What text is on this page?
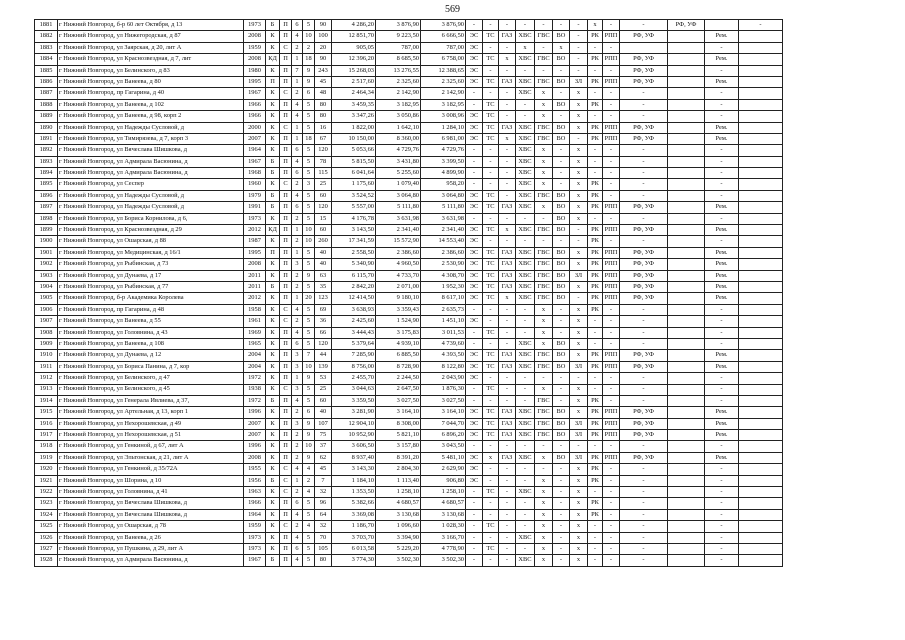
569
1881	г Нижний Новгород, б-р 60 лет Октября, д 13	1973	Б	П	6	5	90	4 286,20	3 876,90	3 876,90	-	-	-	-	-	-	-	х	-	-	РФ, УФ		-
1882	г Нижний Новгород, ул Нижегородская, д 87	2008	К	П	4	10	100	12 851,70	9 223,50	6 666,50	ЭС	ТС	ГАЗ	ХВС	ГВС	ВО	-	РК	РПП	РФ, УФ		Рем.	
1883	г Нижний Новгород, ул Заярская, д 20, лит А	1959	К	С	2	2	20	905,05	787,00	787,00	ЭС	-	-	х	-	х	-	-	-			-	
1884	г Нижний Новгород, ул Краснозвездная, д 7, лит	2008	КД	П	1	18	90	12 396,20	8 685,50	6 758,00	ЭС	ТС	х	ХВС	ГВС	ВО	-	РК	РПП	РФ, УФ		Рем.	
1885	г Нижний Новгород, ул Белинского, д 83	1980	К	П	7	9	243	15 268,03	13 276,55	12 388,65	ЭС	-	-	-	-	-	-	-	-	РФ, УФ		-	
1886	г Нижний Новгород, ул Ванеева, д 80	1995	П	П	1	9	45	2 517,60	2 325,60	2 325,60	ЭС	ТС	ГАЗ	ХВС	ГВС	ВО	ЗЛ	РК	РПП	РФ, УФ		Рем.	
1887	г Нижний Новгород, пр Гагарина, д 40	1967	К	С	2	6	48	2 464,34	2 142,90	2 142,90	-	-	-	ХВС	х	-	х	-	-	-		-	
1888	г Нижний Новгород, ул Ванеева, д 102	1966	К	П	4	5	80	3 459,35	3 182,95	3 182,95	-	ТС	-	-	х	ВО	х	РК	-	-		-	
1889	г Нижний Новгород, ул Ванеева, д 98, корп 2	1966	К	П	4	5	80	3 347,26	3 050,86	3 008,96	ЭС	ТС	-	-	х	-	х	-	-	-		-	
1890	г Нижний Новгород, ул Надежды Сусловой, д	2000	К	С	1	5	16	1 822,00	1 642,10	1 284,10	ЭС	ТС	ГАЗ	ХВС	ГВС	ВО	х	РК	РПП	РФ, УФ		Рем.	
1891	г Нижний Новгород, ул Тимирязева, д 7, корп 3	2007	К	П	1	18	67	10 150,00	8 360,00	6 981,00	ЭС	ТС	х	ХВС	ГВС	ВО	-	РК	РПП	РФ, УФ		Рем.	
1892	г Нижний Новгород, ул Вячеслава Шишкова, д	1964	К	П	6	5	120	5 053,66	4 729,76	4 729,76	-	-	-	ХВС	х	-	х	-	-	-		-	
1893	г Нижний Новгород, ул Адмирала Васюнина, д	1967	Б	П	4	5	78	5 815,50	3 431,80	3 399,50	-	-	-	ХВС	х	-	х	-	-	-		-	
1894	г Нижний Новгород, ул Адмирала Васюнина, д	1968	Б	П	6	5	115	6 041,64	5 255,60	4 899,90	-	-	-	ХВС	х	-	х	-	-	-		-	
1895	г Нижний Новгород, ул Сеспер	1960	К	С	2	3	25	1 175,60	1 079,40	958,20	-	-	-	ХВС	х	-	х	РК	-	-		-	
1896	г Нижний Новгород, ул Надежды Сусловой, д	1979	Б	П	4	5	60	3 524,52	3 064,80	3 064,80	ЭС	ТС	-	ХВС	ГВС	ВО	х	РК	-	-		-	
1897	г Нижний Новгород, ул Надежды Сусловой, д	1991	Б	П	6	5	120	5 557,00	5 111,80	5 111,80	ЭС	ТС	ГАЗ	ХВС	х	ВО	х	РК	РПП	РФ, УФ		Рем.	
1898	г Нижний Новгород, ул Бориса Корнилова, д 6,	1973	К	П	2	5	15	4 176,78	3 631,98	3 631,98	-	-	-	-	-	ВО	х	-	-	-		-	
1899	г Нижний Новгород, ул Краснозвездная, д 29	2012	КД	П	1	10	60	3 143,50	2 341,40	2 341,40	ЭС	ТС	х	ХВС	ГВС	ВО	-	РК	РПП	РФ, УФ		Рем.	
1900	г Нижний Новгород, ул Ошарская, д 88	1987	К	П	2	10	260	17 341,59	15 572,90	14 553,40	ЭС	-	-	-	-	-	-	РК	-	-		-	
1901	г Нижний Новгород, ул Медицинская, д 16/1	1995	П	П	1	5	40	2 558,50	2 386,60	2 386,60	ЭС	ТС	ГАЗ	ХВС	ГВС	ВО	х	РК	РПП	РФ, УФ		Рем.	
1902	г Нижний Новгород, ул Рыбинская, д 73	2008	К	П	3	5	40	5 340,90	4 960,50	2 530,90	ЭС	ТС	ГАЗ	ХВС	ГВС	ВО	х	РК	РПП	РФ, УФ		Рем.	
1903	г Нижний Новгород, ул Дунаева, д 17	2011	К	П	2	9	63	6 115,70	4 733,70	4 308,70	ЭС	ТС	ГАЗ	ХВС	ГВС	ВО	ЗЛ	РК	РПП	РФ, УФ		Рем.	
1904	г Нижний Новгород, ул Рыбинская, д 77	2011	Б	П	2	5	35	2 842,20	2 071,00	1 952,30	ЭС	ТС	ГАЗ	ХВС	ГВС	ВО	х	РК	РПП	РФ, УФ		Рем.	
1905	г Нижний Новгород, б-р Академика Королева	2012	К	П	1	20	123	12 414,50	9 180,10	8 617,10	ЭС	ТС	х	ХВС	ГВС	ВО	-	РК	РПП	РФ, УФ		Рем.	
1906	г Нижний Новгород, пр Гагарина, д 48	1958	К	С	4	5	69	3 638,93	3 359,43	2 635,73	-	-	-	-	х	-	х	РК	-	-		-	
1907	г Нижний Новгород, ул Ванеева, д 55	1961	К	С	2	5	36	2 425,60	1 524,90	1 451,10	ЭС	-	-	-	х	-	х	-	-	-		-	
1908	г Нижний Новгород, ул Головнина, д 43	1969	К	П	4	5	66	3 444,43	3 175,83	3 011,53	-	ТС	-	-	х	-	х	-	-	-		-	
1909	г Нижний Новгород, ул Ванеева, д 108	1965	К	П	6	5	120	5 379,64	4 939,10	4 739,60	-	-	-	ХВС	х	ВО	х	-	-	-		-	
1910	г Нижний Новгород, ул Дунаева, д 12	2004	К	П	3	7	44	7 285,90	6 885,50	4 393,50	ЭС	ТС	ГАЗ	ХВС	ГВС	ВО	х	РК	РПП	РФ, УФ		Рем.	
1911	г Нижний Новгород, ул Бориса Панина, д 7, кор	2004	К	П	3	10	139	8 756,00	8 728,90	8 122,80	ЭС	ТС	ГАЗ	ХВС	ГВС	ВО	ЗЛ	РК	РПП	РФ, УФ		Рем.	
1912	г Нижний Новгород, ул Белинского, д 47	1972	К	П	1	9	53	2 455,70	2 244,50	2 043,90	ЭС	-	-	-	-	-	-	-	-	-		-	
1913	г Нижний Новгород, ул Белинского, д 45	1938	К	С	3	5	25	3 044,63	2 647,50	1 876,30	-	ТС	-	-	х	-	х	-	-	-		-	
1914	г Нижний Новгород, ул Генерала Ивлиева, д 37,	1972	Б	П	4	5	60	3 359,50	3 027,50	3 027,50	-	-	-	-	ГВС	-	х	РК	-	-		-	
1915	г Нижний Новгород, ул Артельная, д 13, корп 1	1996	К	П	2	6	40	3 281,90	3 164,10	3 164,10	ЭС	ТС	ГАЗ	ХВС	ГВС	ВО	х	РК	РПП	РФ, УФ		Рем.	
1916	г Нижний Новгород, ул Нехорошевская, д 49	2007	К	П	3	9	107	12 904,10	8 308,00	7 044,70	ЭС	ТС	ГАЗ	ХВС	ГВС	ВО	ЗЛ	РК	РПП	РФ, УФ		Рем.	
1917	г Нижний Новгород, ул Нехорошевская, д 51	2007	К	П	2	9	75	10 952,90	5 821,10	6 896,20	ЭС	ТС	ГАЗ	ХВС	ГВС	ВО	ЗЛ	РК	РПП	РФ, УФ		Рем.	
1918	г Нижний Новгород, ул Генкиной, д 67, лит А	1996	К	П	2	10	37	3 606,50	3 157,80	3 043,50	-	-	-	-	-	-	-	-	-	-		-	
1919	г Нижний Новгород, ул Эльтонская, д 21, лит А	2008	К	П	2	9	62	8 937,40	8 391,20	5 481,10	ЭС	х	ГАЗ	ХВС	х	ВО	ЗЛ	РК	РПП	РФ, УФ		Рем.	
1920	г Нижний Новгород, ул Генкиной, д 35/72А	1955	К	С	4	4	45	3 143,30	2 804,30	2 629,90	ЭС	-	-	-	-	-	х	РК	-	-		-	
1921	г Нижний Новгород, ул Шорина, д 10	1956	Б	С	1	2	7	1 184,10	1 113,40	906,80	ЭС	-	-	-	х	-	х	РК	-	-		-	
1922	г Нижний Новгород, ул Головнина, д 41	1963	К	С	2	4	32	1 353,50	1 258,10	1 258,10	-	ТС	-	ХВС	х	-	х	-	-	-		-	
1923	г Нижний Новгород, ул Вячеслава Шишкова, д	1966	К	П	6	5	96	5 382,66	4 680,57	4 680,57	-	-	-	-	х	-	х	РК	-	-		-	
1924	г Нижний Новгород, ул Вячеслава Шишкова, д	1964	К	П	4	5	64	3 369,08	3 130,68	3 130,68	-	-	-	-	х	-	х	РК	-	-		-	
1925	г Нижний Новгород, ул Ошарская, д 78	1959	К	С	2	4	32	1 186,70	1 096,60	1 028,30	-	ТС	-	-	х	-	х	-	-	-		-	
1926	г Нижний Новгород, ул Ванеева, д 26	1973	К	П	4	5	70	3 703,70	3 394,90	3 166,70	-	-	-	ХВС	х	-	х	-	-	-		-	
1927	г Нижний Новгород, ул Пушкина, д 29, лит А	1973	К	П	6	5	105	6 013,58	5 229,20	4 778,90	-	ТС	-	-	х	-	х	-	-	-		-	
1928	г Нижний Новгород, ул Адмирала Васюнина, д	1967	Б	П	4	5	80	3 774,30	3 502,30	3 502,30	-	-	-	ХВС	х	-	х	-	-	-		-	
